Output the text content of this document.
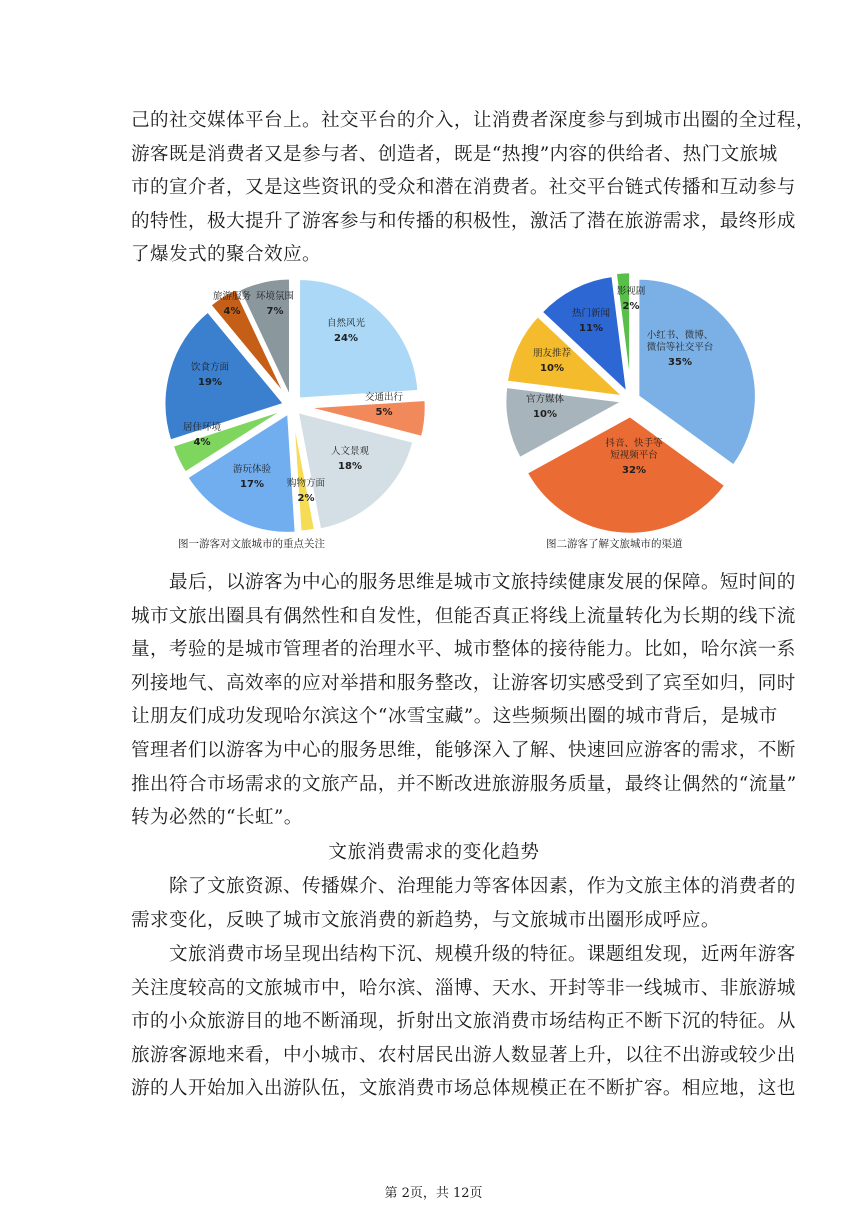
己的社交媒体平台上。社交平台的介入，让消费者深度参与到城市出圈的全过程，
游客既是消费者又是参与者、创造者，既是“热搜”内容的供给者、热门文旅城
市的宣介者，又是这些资讯的受众和潜在消费者。社交平台链式传播和互动参与
的特性，极大提升了游客参与和传播的积极性，激活了潜在旅游需求，最终形成
了爆发式的聚合效应。
自然风光
24%
交通出行
5%
人文景观
18%
购物方面
2%
游玩体验
17%
居住环境
4%
饮食方面
19%
旅游服务
4%
环境氛围
7%
图一游客对文旅城市的重点关注
小红书、微博、
微信等社交平台
35%
抖音、快手等
短视频平台
32%
官方媒体
10%
朋友推荐
10%
热门新闻
11%
影视剧
2%
图二游客了解文旅城市的渠道
　　最后，以游客为中心的服务思维是城市文旅持续健康发展的保障。短时间的
城市文旅出圈具有偶然性和自发性，但能否真正将线上流量转化为长期的线下流
量，考验的是城市管理者的治理水平、城市整体的接待能力。比如，哈尔滨一系
列接地气、高效率的应对举措和服务整改，让游客切实感受到了宾至如归，同时
让朋友们成功发现哈尔滨这个“冰雪宝藏”。这些频频出圈的城市背后，是城市
管理者们以游客为中心的服务思维，能够深入了解、快速回应游客的需求，不断
推出符合市场需求的文旅产品，并不断改进旅游服务质量，最终让偶然的“流量”
转为必然的“长虹”。
文旅消费需求的变化趋势
　　除了文旅资源、传播媒介、治理能力等客体因素，作为文旅主体的消费者的
需求变化，反映了城市文旅消费的新趋势，与文旅城市出圈形成呼应。
　　文旅消费市场呈现出结构下沉、规模升级的特征。课题组发现，近两年游客
关注度较高的文旅城市中，哈尔滨、淄博、天水、开封等非一线城市、非旅游城
市的小众旅游目的地不断涌现，折射出文旅消费市场结构正不断下沉的特征。从
旅游客源地来看，中小城市、农村居民出游人数显著上升，以往不出游或较少出
游的人开始加入出游队伍，文旅消费市场总体规模正在不断扩容。相应地，这也
第 2页，共 12页
